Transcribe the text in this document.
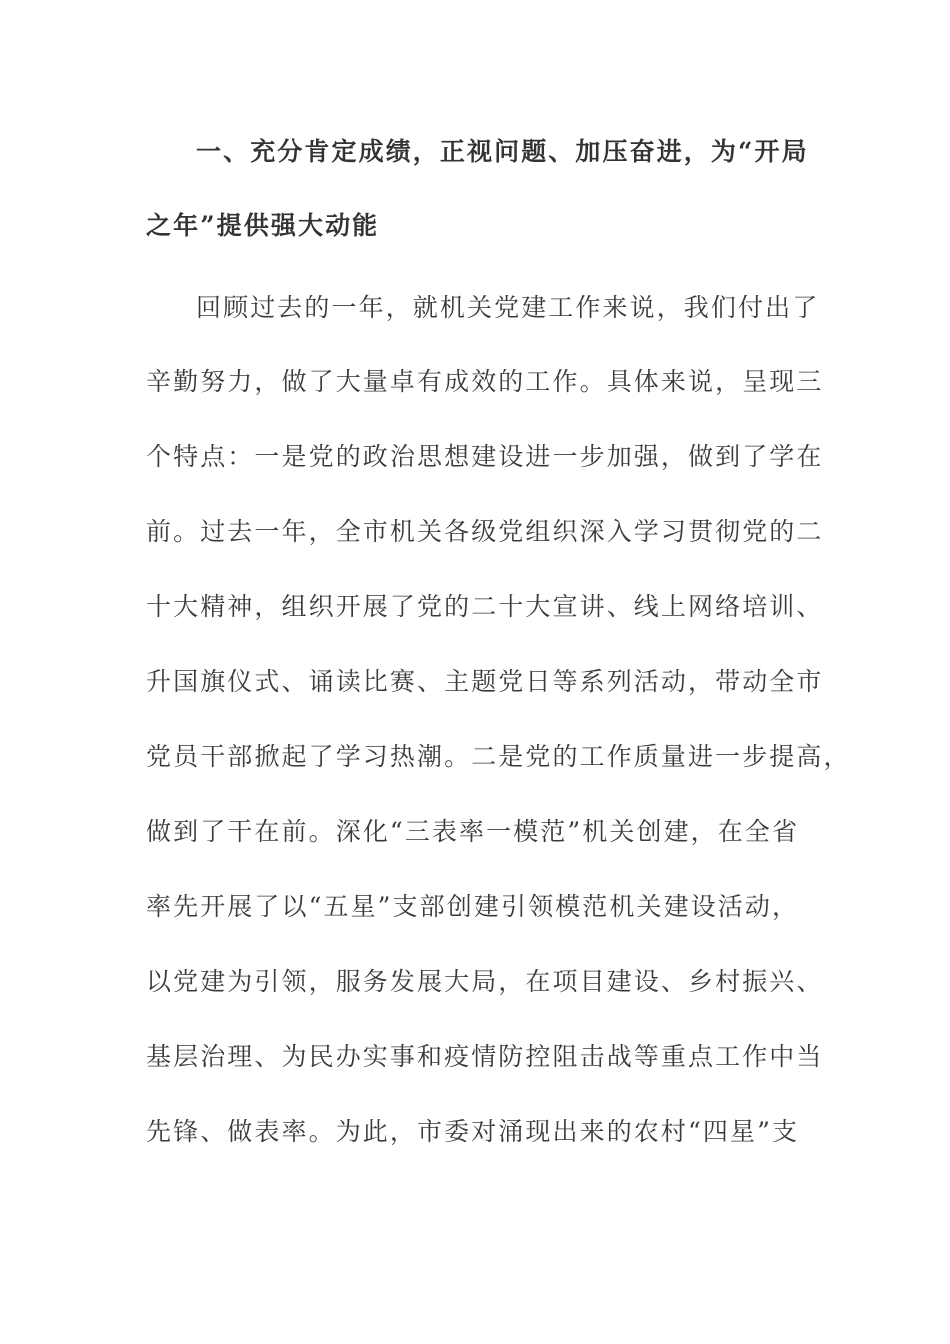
一、充分肯定成绩，正视问题、加压奋进，为“开局
之年”提供强大动能
回顾过去的一年，就机关党建工作来说，我们付出了
辛勤努力，做了大量卓有成效的工作。具体来说，呈现三
个特点：一是党的政治思想建设进一步加强，做到了学在
前。过去一年，全市机关各级党组织深入学习贯彻党的二
十大精神，组织开展了党的二十大宣讲、线上网络培训、
升国旗仪式、诵读比赛、主题党日等系列活动，带动全市
党员干部掀起了学习热潮。二是党的工作质量进一步提高，
做到了干在前。深化“三表率一模范”机关创建，在全省
率先开展了以“五星”支部创建引领模范机关建设活动，
以党建为引领，服务发展大局，在项目建设、乡村振兴、
基层治理、为民办实事和疫情防控阻击战等重点工作中当
先锋、做表率。为此，市委对涌现出来的农村“四星”支
